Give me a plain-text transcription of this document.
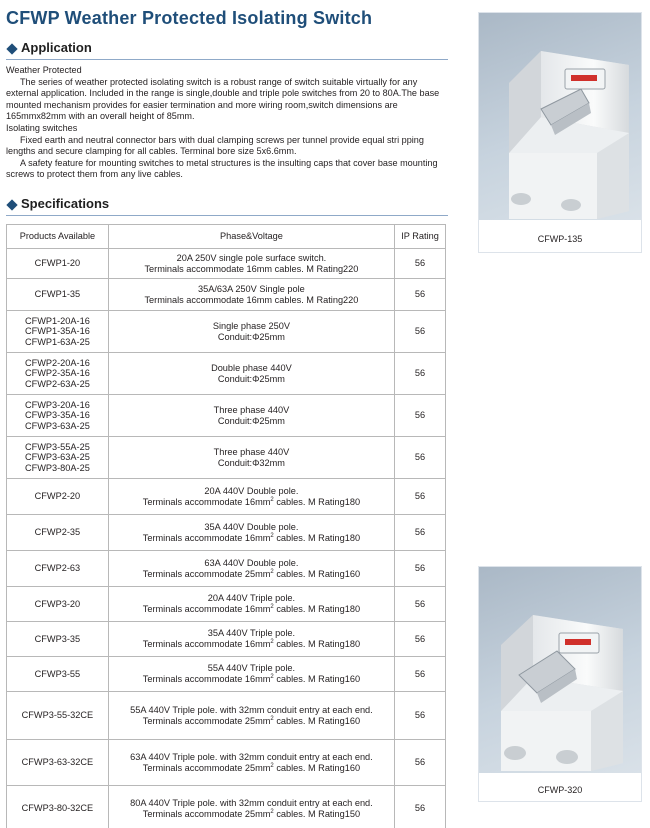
CFWP Weather Protected Isolating Switch
Application

Weather Protected

The series of weather protected isolating switch is a robust range of switch suitable virtually for any external application. Included in the range is single,double and triple pole switches from 20 to 80A.The base mounted mechanism provides for easier termination and more wiring room,switch dimensions are 165mmx82mm with an overall height of 85mm.

Isolating switches

Fixed earth and neutral connector bars with dual clamping screws per tunnel provide equal stri pping lengths and secure clamping for all cables. Terminal bore size 5x6.6mm.

A safety feature for mounting switches to metal structures is the insulting caps that cover base mounting screws to protect them from any live cables.

Specifications
Products Available	Phase&Voltage	IP Rating
CFWP1-20	20A 250V single pole surface switch.
Terminals accommodate 16mm cables. M Rating220	56
CFWP1-35	35A/63A 250V Single pole
Terminals accommodate 16mm cables. M Rating220	56
CFWP1-20A-16
CFWP1-35A-16
CFWP1-63A-25	Single phase 250V
Conduit:Φ25mm	56
CFWP2-20A-16
CFWP2-35A-16
CFWP2-63A-25	Double phase 440V
Conduit:Φ25mm	56
CFWP3-20A-16
CFWP3-35A-16
CFWP3-63A-25	Three phase 440V
Conduit:Φ25mm	56
CFWP3-55A-25
CFWP3-63A-25
CFWP3-80A-25	Three phase 440V
Conduit:Φ32mm	56
CFWP2-20	20A 440V Double pole.
Terminals accommodate $16mm^2$ cables. M Rating180	56
CFWP2-35	35A 440V Double pole.
Terminals accommodate $16mm^2$ cables. M Rating180	56
CFWP2-63	63A 440V Double pole.
Terminals accommodate $25mm^2$ cables. M Rating160	56
CFWP3-20	20A 440V Triple pole.
Terminals accommodate $16mm^2$ cables. M Rating180	56
CFWP3-35	35A 440V Triple pole.
Terminals accommodate $16mm^2$ cables. M Rating180	56
CFWP3-55	55A 440V Triple pole.
Terminals accommodate $16mm^2$ cables. M Rating160	56
CFWP3-55-32CE	55A 440V Triple pole. with 32mm conduit entry at each end.
Terminals accommodate $25mm^2$ cables. M Rating160	56
CFWP3-63-32CE	63A 440V Triple pole. with 32mm conduit entry at each end.
Terminals accommodate $25mm^2$ cables. M Rating160	56
CFWP3-80-32CE	80A 440V Triple pole. with 32mm conduit entry at each end.
Terminals accommodate $25mm^2$ cables. M Rating150	56
CFWP-135
CFWP-320
